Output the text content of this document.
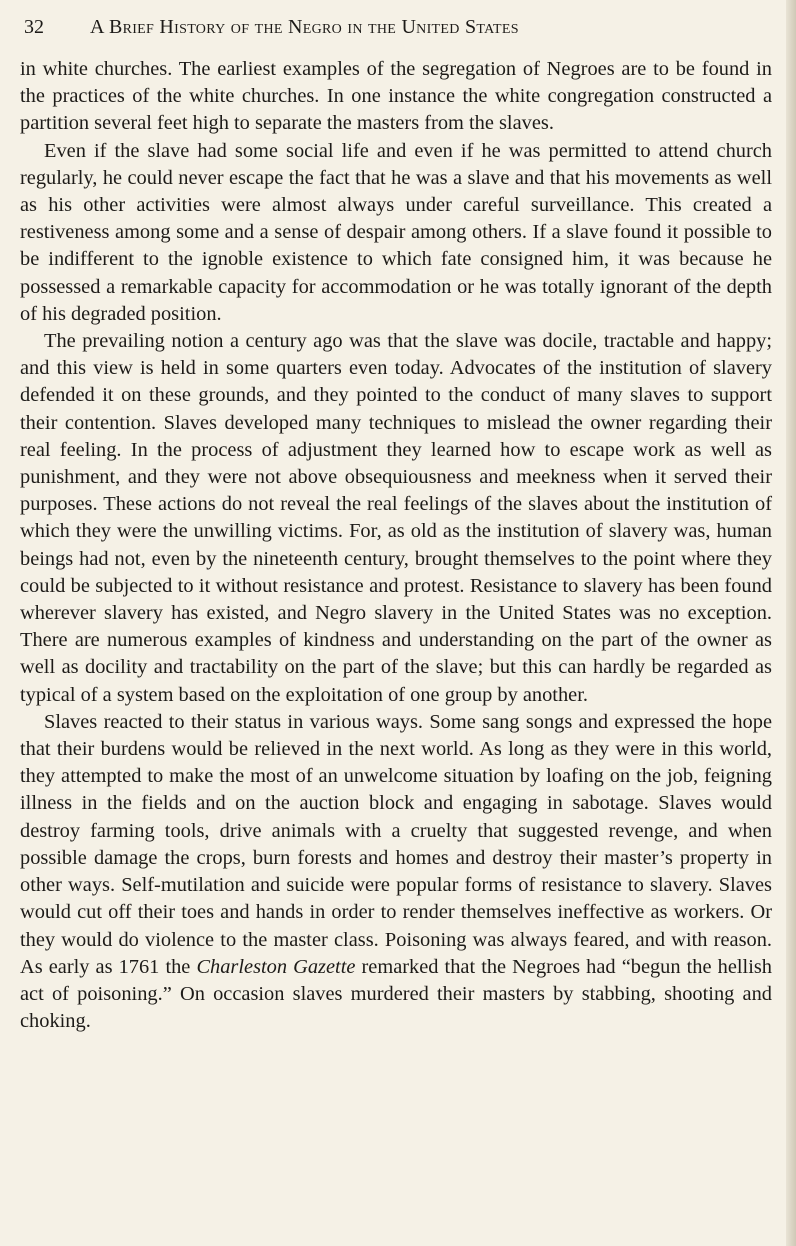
32	A Brief History of the Negro in the United States

in white churches. The earliest examples of the segregation of Negroes are to be found in the practices of the white churches. In one instance the white congregation constructed a partition several feet high to separate the masters from the slaves.

Even if the slave had some social life and even if he was permitted to attend church regularly, he could never escape the fact that he was a slave and that his movements as well as his other activities were almost always under careful surveillance. This created a restiveness among some and a sense of despair among others. If a slave found it possible to be indifferent to the ignoble existence to which fate consigned him, it was because he possessed a remarkable capacity for accommodation or he was totally ignorant of the depth of his degraded position.

The prevailing notion a century ago was that the slave was docile, tractable and happy; and this view is held in some quarters even today. Advocates of the institution of slavery defended it on these grounds, and they pointed to the conduct of many slaves to support their contention. Slaves developed many techniques to mislead the owner regarding their real feeling. In the process of adjustment they learned how to escape work as well as punishment, and they were not above obsequiousness and meekness when it served their purposes. These actions do not reveal the real feelings of the slaves about the institution of which they were the unwilling victims. For, as old as the institution of slavery was, human beings had not, even by the nineteenth century, brought themselves to the point where they could be subjected to it without resistance and protest. Resistance to slavery has been found wherever slavery has existed, and Negro slavery in the United States was no exception. There are numerous examples of kindness and understanding on the part of the owner as well as docility and tractability on the part of the slave; but this can hardly be regarded as typical of a system based on the exploitation of one group by another.

Slaves reacted to their status in various ways. Some sang songs and expressed the hope that their burdens would be relieved in the next world. As long as they were in this world, they attempted to make the most of an unwelcome situation by loafing on the job, feigning illness in the fields and on the auction block and engaging in sabotage. Slaves would destroy farming tools, drive animals with a cruelty that suggested revenge, and when possible damage the crops, burn forests and homes and destroy their master’s property in other ways. Self-mutilation and suicide were popular forms of resistance to slavery. Slaves would cut off their toes and hands in order to render themselves ineffective as workers. Or they would do violence to the master class. Poisoning was always feared, and with reason. As early as 1761 the Charleston Gazette remarked that the Negroes had “begun the hellish act of poisoning.” On occasion slaves murdered their masters by stabbing, shooting and choking.
